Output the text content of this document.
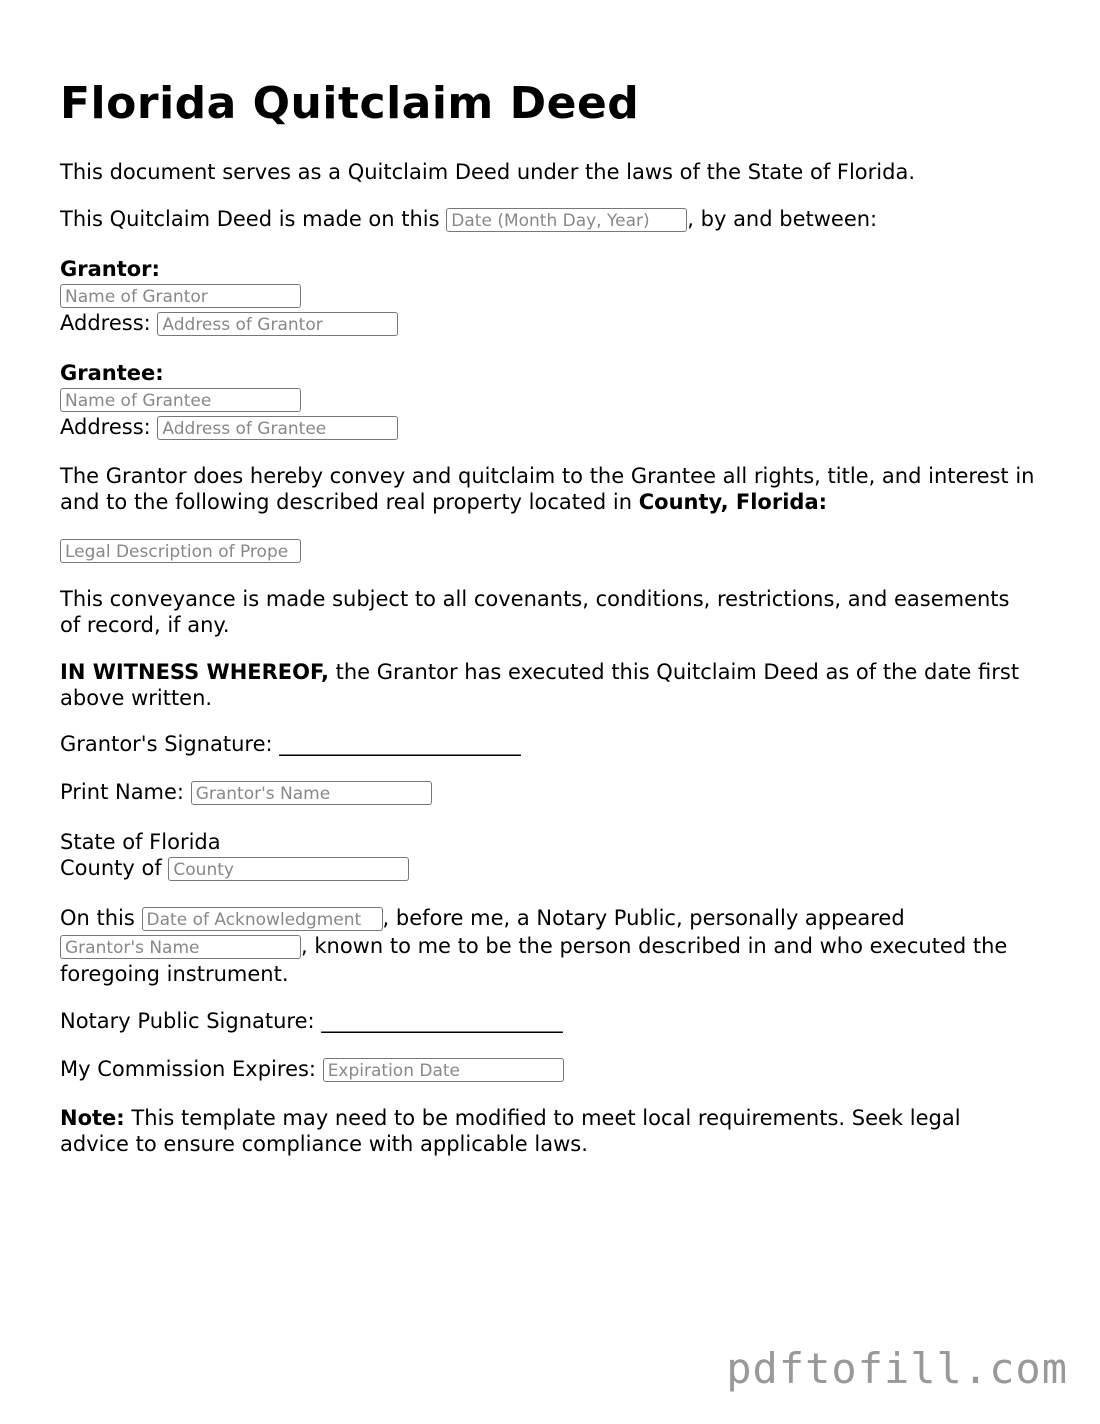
Florida Quitclaim Deed
This document serves as a Quitclaim Deed under the laws of the State of Florida.
This Quitclaim Deed is made on this Date (Month Day, Year) , by and between:
Grantor:
Name of Grantor
Address: Address of Grantor
Grantee:
Name of Grantee
Address: Address of Grantee
The Grantor does hereby convey and quitclaim to the Grantee all rights, title, and interest in and to the following described real property located in County, Florida:
Legal Description of Prope
This conveyance is made subject to all covenants, conditions, restrictions, and easements of record, if any.
IN WITNESS WHEREOF, the Grantor has executed this Quitclaim Deed as of the date first above written.
Grantor's Signature: _______________________
Print Name: Grantor's Name
State of Florida
County of County
On this Date of Acknowledgment , before me, a Notary Public, personally appeared
Grantor's Name	, known to me to be the person described in and who executed the
foregoing instrument.
Notary Public Signature: _______________________
My Commission Expires: Expiration Date
Note: This template may need to be modified to meet local requirements. Seek legal advice to ensure compliance with applicable laws.
pdftofill.com
